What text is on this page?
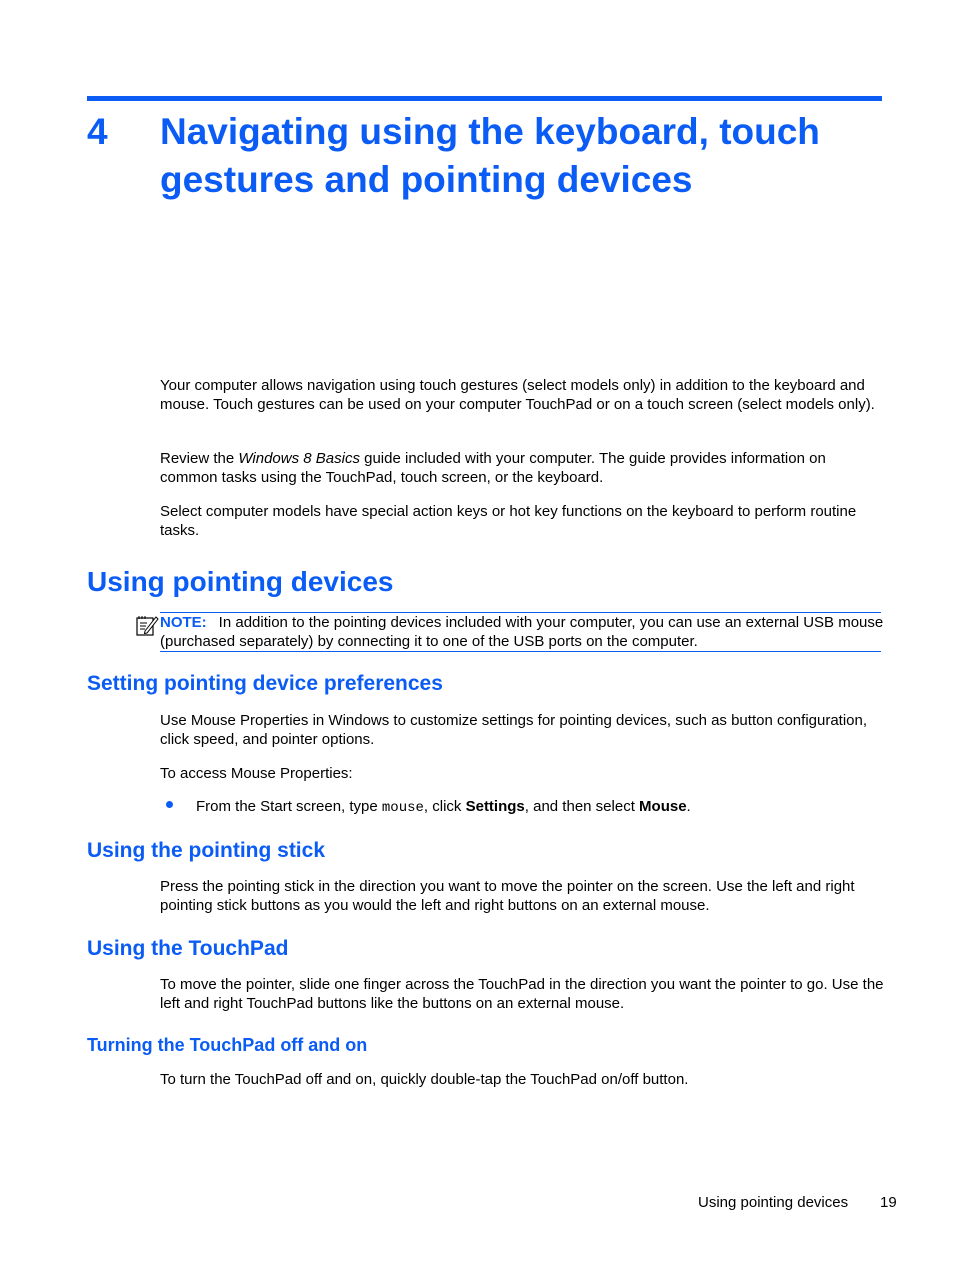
4 Navigating using the keyboard, touch gestures and pointing devices

Your computer allows navigation using touch gestures (select models only) in addition to the keyboard and mouse. Touch gestures can be used on your computer TouchPad or on a touch screen (select models only).

Review the Windows 8 Basics guide included with your computer. The guide provides information on common tasks using the TouchPad, touch screen, or the keyboard.

Select computer models have special action keys or hot key functions on the keyboard to perform routine tasks.

Using pointing devices

NOTE: In addition to the pointing devices included with your computer, you can use an external USB mouse (purchased separately) by connecting it to one of the USB ports on the computer.

Setting pointing device preferences

Use Mouse Properties in Windows to customize settings for pointing devices, such as button configuration, click speed, and pointer options.

To access Mouse Properties:

From the Start screen, type mouse, click Settings, and then select Mouse.

Using the pointing stick

Press the pointing stick in the direction you want to move the pointer on the screen. Use the left and right pointing stick buttons as you would the left and right buttons on an external mouse.

Using the TouchPad

To move the pointer, slide one finger across the TouchPad in the direction you want the pointer to go. Use the left and right TouchPad buttons like the buttons on an external mouse.

Turning the TouchPad off and on

To turn the TouchPad off and on, quickly double-tap the TouchPad on/off button.

Using pointing devices 19
